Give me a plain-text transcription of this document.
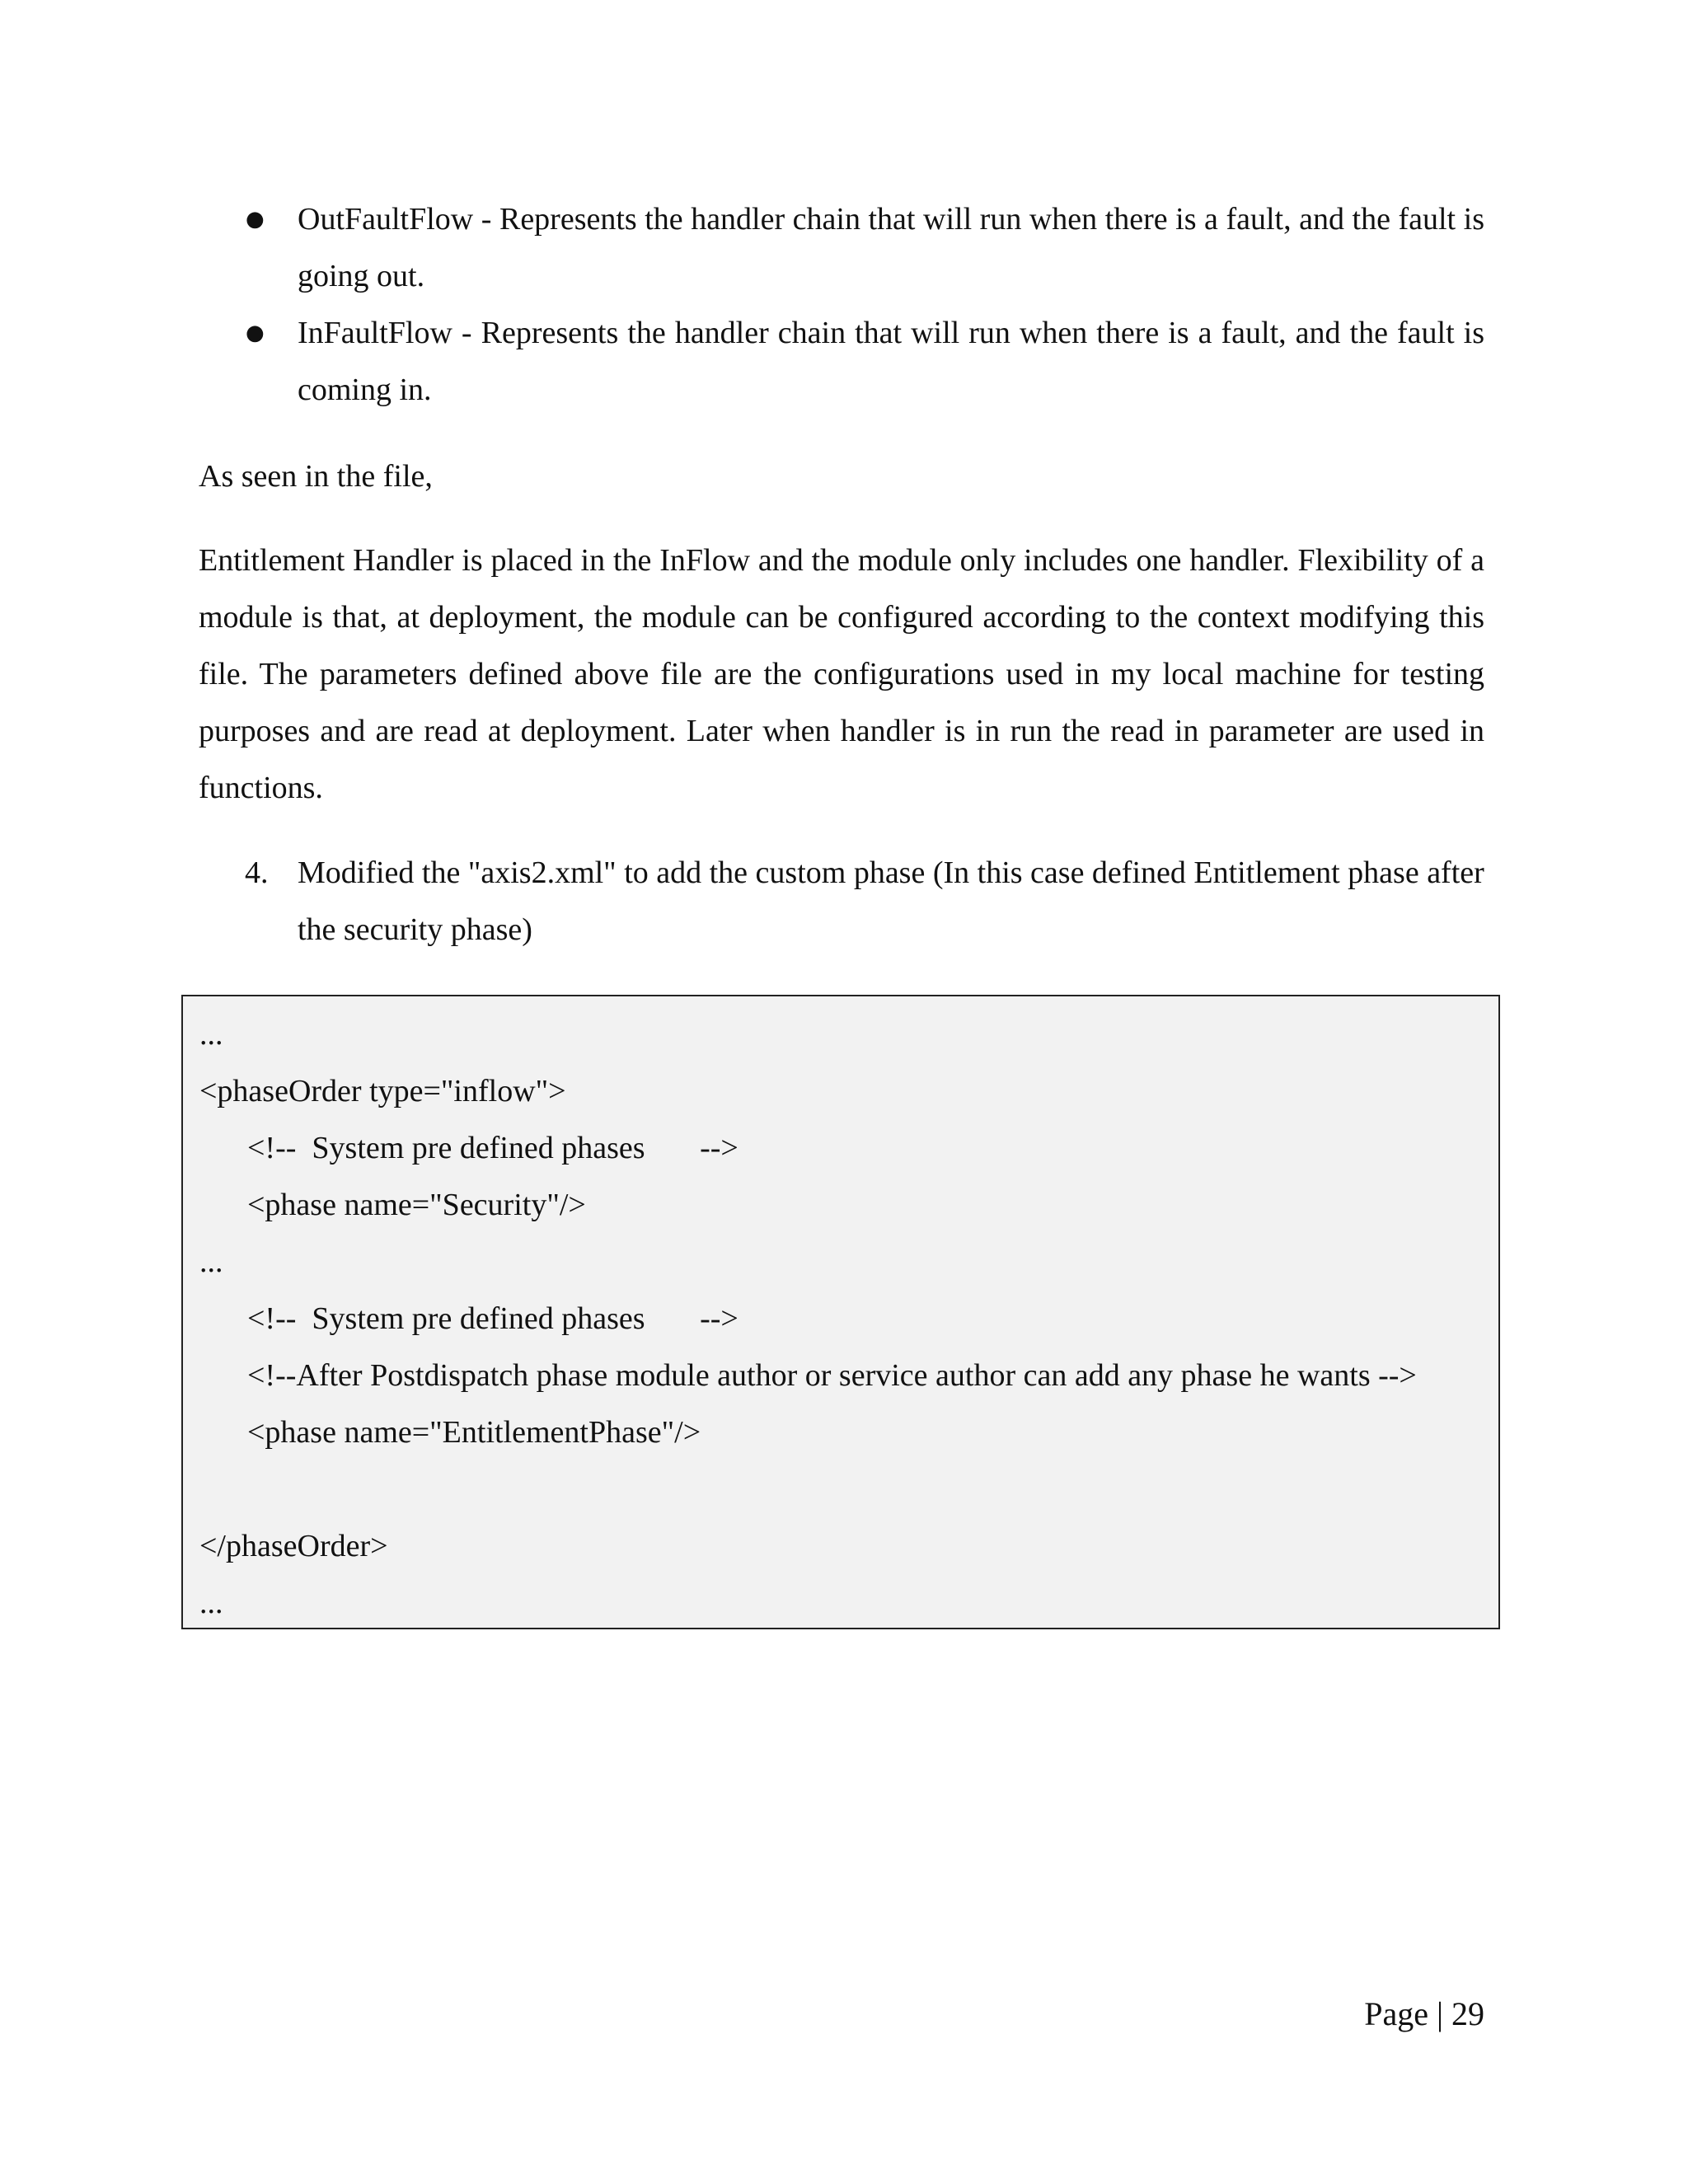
● OutFaultFlow - Represents the handler chain that will run when there is a fault, and the fault is going out.
● InFaultFlow - Represents the handler chain that will run when there is a fault, and the fault is coming in.

As seen in the file,

Entitlement Handler is placed in the InFlow and the module only includes one handler. Flexibility of a module is that, at deployment, the module can be configured according to the context modifying this file. The parameters defined above file are the configurations used in my local machine for testing purposes and are read at deployment. Later when handler is in run the read in parameter are used in functions.

4. Modified the "axis2.xml" to add the custom phase (In this case defined Entitlement phase after the security phase)
...
<phaseOrder type="inflow">
<!--  System pre defined phases       -->
<phase name="Security"/>
...
<!--  System pre defined phases       -->
<!--After Postdispatch phase module author or service author can add any phase he wants -->
<phase name="EntitlementPhase"/>
</phaseOrder>
...
Page | 29
